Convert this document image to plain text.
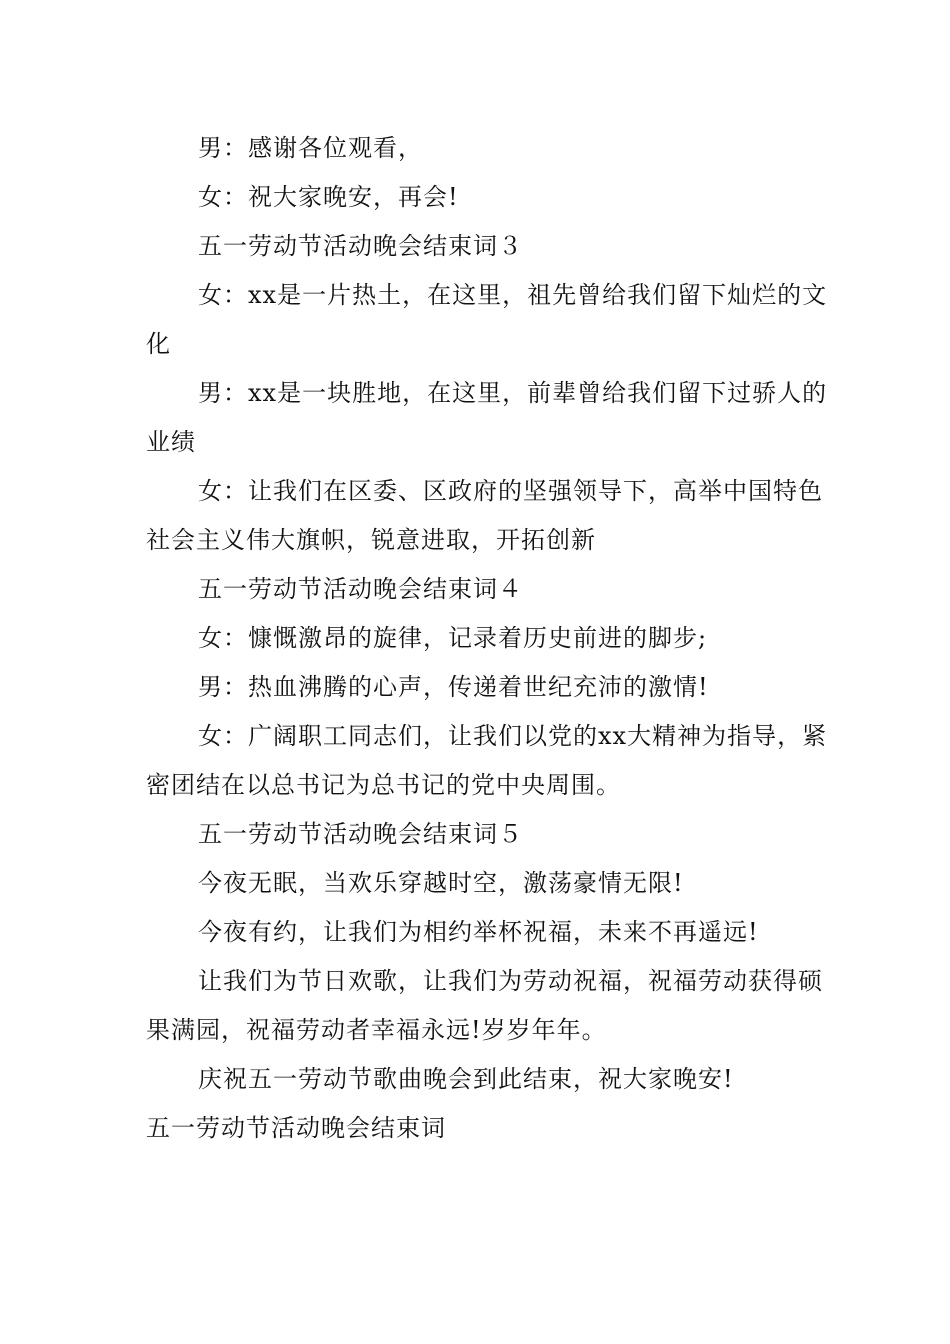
男：感谢各位观看，

女：祝大家晚安，再会!

五一劳动节活动晚会结束词３

女：xx是一片热土，在这里，祖先曾给我们留下灿烂的文化

男：xx是一块胜地，在这里，前辈曾给我们留下过骄人的业绩

女：让我们在区委、区政府的坚强领导下，高举中国特色社会主义伟大旗帜，锐意进取，开拓创新

五一劳动节活动晚会结束词４

女：慷慨激昂的旋律，记录着历史前进的脚步;

男：热血沸腾的心声，传递着世纪充沛的激情!

女：广阔职工同志们，让我们以党的xx大精神为指导，紧密团结在以总书记为总书记的党中央周围。

五一劳动节活动晚会结束词５

今夜无眠，当欢乐穿越时空，激荡豪情无限!

今夜有约，让我们为相约举杯祝福，未来不再遥远!

让我们为节日欢歌，让我们为劳动祝福，祝福劳动获得硕果满园，祝福劳动者幸福永远!岁岁年年。

庆祝五一劳动节歌曲晚会到此结束，祝大家晚安!

五一劳动节活动晚会结束词
